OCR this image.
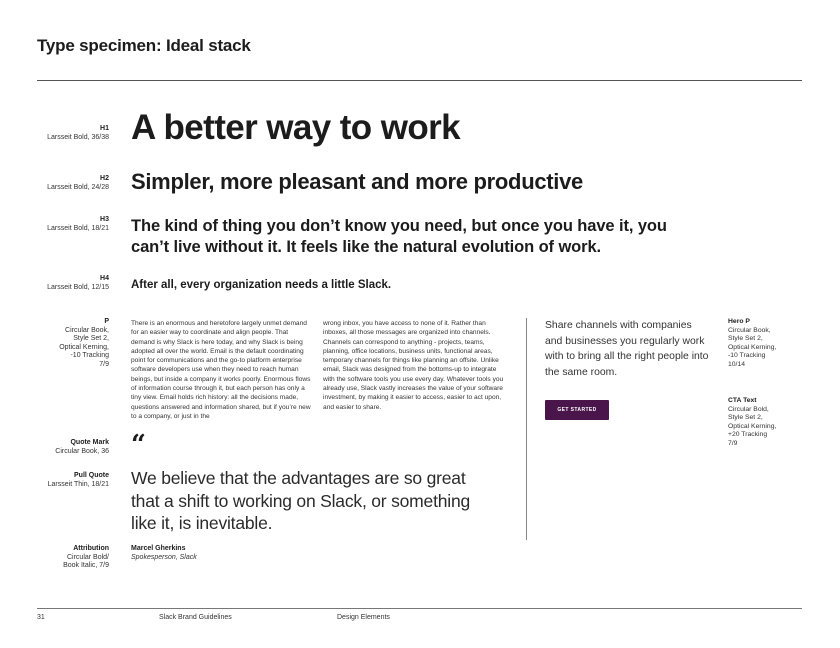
Type specimen: Ideal stack
H1
Larsseit Bold, 36/38
H2
Larsseit Bold, 24/28
H3
Larsseit Bold, 18/21
H4
Larsseit Bold, 12/15
P
Circular Book,
Style Set 2,
Optical Kerning,
-10 Tracking
7/9
Quote Mark
Circular Book, 36
Pull Quote
Larsseit Thin, 18/21
Attribution
Circular Bold/
Book Italic, 7/9
A better way to work
Simpler, more pleasant and more productive
The kind of thing you don’t know you need, but once you have it, you can’t live without it. It feels like the natural evolution of work.
After all, every organization needs a little Slack.
There is an enormous and heretofore largely unmet demand for an easier way to coordinate and align people. That demand is why Slack is here today, and why Slack is being adopted all over the world. Email is the default coordinating point for communications and the go-to platform enterprise software developers use when they need to reach human beings, but inside a company it works poorly. Enormous flows of information course through it, but each person has only a tiny view. Email holds rich history: all the decisions made, questions answered and information shared, but if you’re new to a company, or just in the
wrong inbox, you have access to none of it. Rather than inboxes, all those messages are organized into channels. Channels can correspond to anything - projects, teams, planning, office locations, business units, functional areas, temporary channels for things like planning an offsite. Unlike email, Slack was designed from the bottoms-up to integrate with the software tools you use every day. Whatever tools you already use, Slack vastly increases the value of your software investment, by making it easier to access, easier to act upon, and easier to share.
Share channels with companies and businesses you regularly work with to bring all the right people into the same room.
GET STARTED
Hero P
Circular Book,
Style Set 2,
Optical Kerning,
-10 Tracking
10/14
CTA Text
Circular Bold,
Style Set 2,
Optical Kerning,
+20 Tracking
7/9
“
We believe that the advantages are so great that a shift to working on Slack, or something like it, is inevitable.
Marcel Gherkins
Spokesperson, Slack
31	Slack Brand Guidelines	Design Elements
